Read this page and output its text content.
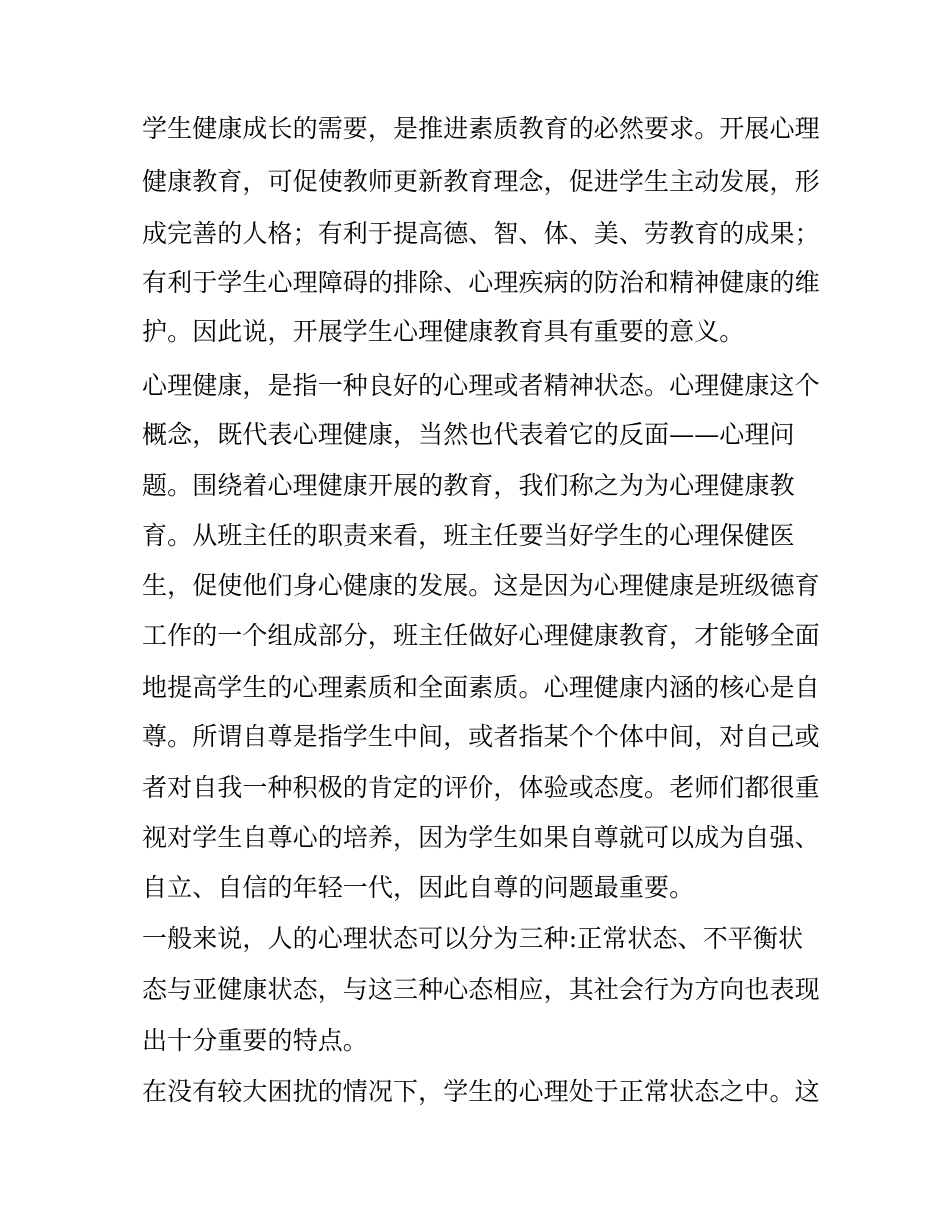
学生健康成长的需要，是推进素质教育的必然要求。开展心理
健康教育，可促使教师更新教育理念，促进学生主动发展，形
成完善的人格；有利于提高德、智、体、美、劳教育的成果；
有利于学生心理障碍的排除、心理疾病的防治和精神健康的维
护。因此说，开展学生心理健康教育具有重要的意义。
心理健康，是指一种良好的心理或者精神状态。心理健康这个
概念，既代表心理健康，当然也代表着它的反面——心理问
题。围绕着心理健康开展的教育，我们称之为为心理健康教
育。从班主任的职责来看，班主任要当好学生的心理保健医
生，促使他们身心健康的发展。这是因为心理健康是班级德育
工作的一个组成部分，班主任做好心理健康教育，才能够全面
地提高学生的心理素质和全面素质。心理健康内涵的核心是自
尊。所谓自尊是指学生中间，或者指某个个体中间，对自己或
者对自我一种积极的肯定的评价，体验或态度。老师们都很重
视对学生自尊心的培养，因为学生如果自尊就可以成为自强、
自立、自信的年轻一代，因此自尊的问题最重要。
一般来说，人的心理状态可以分为三种:正常状态、不平衡状
态与亚健康状态，与这三种心态相应，其社会行为方向也表现
出十分重要的特点。
在没有较大困扰的情况下，学生的心理处于正常状态之中。这
